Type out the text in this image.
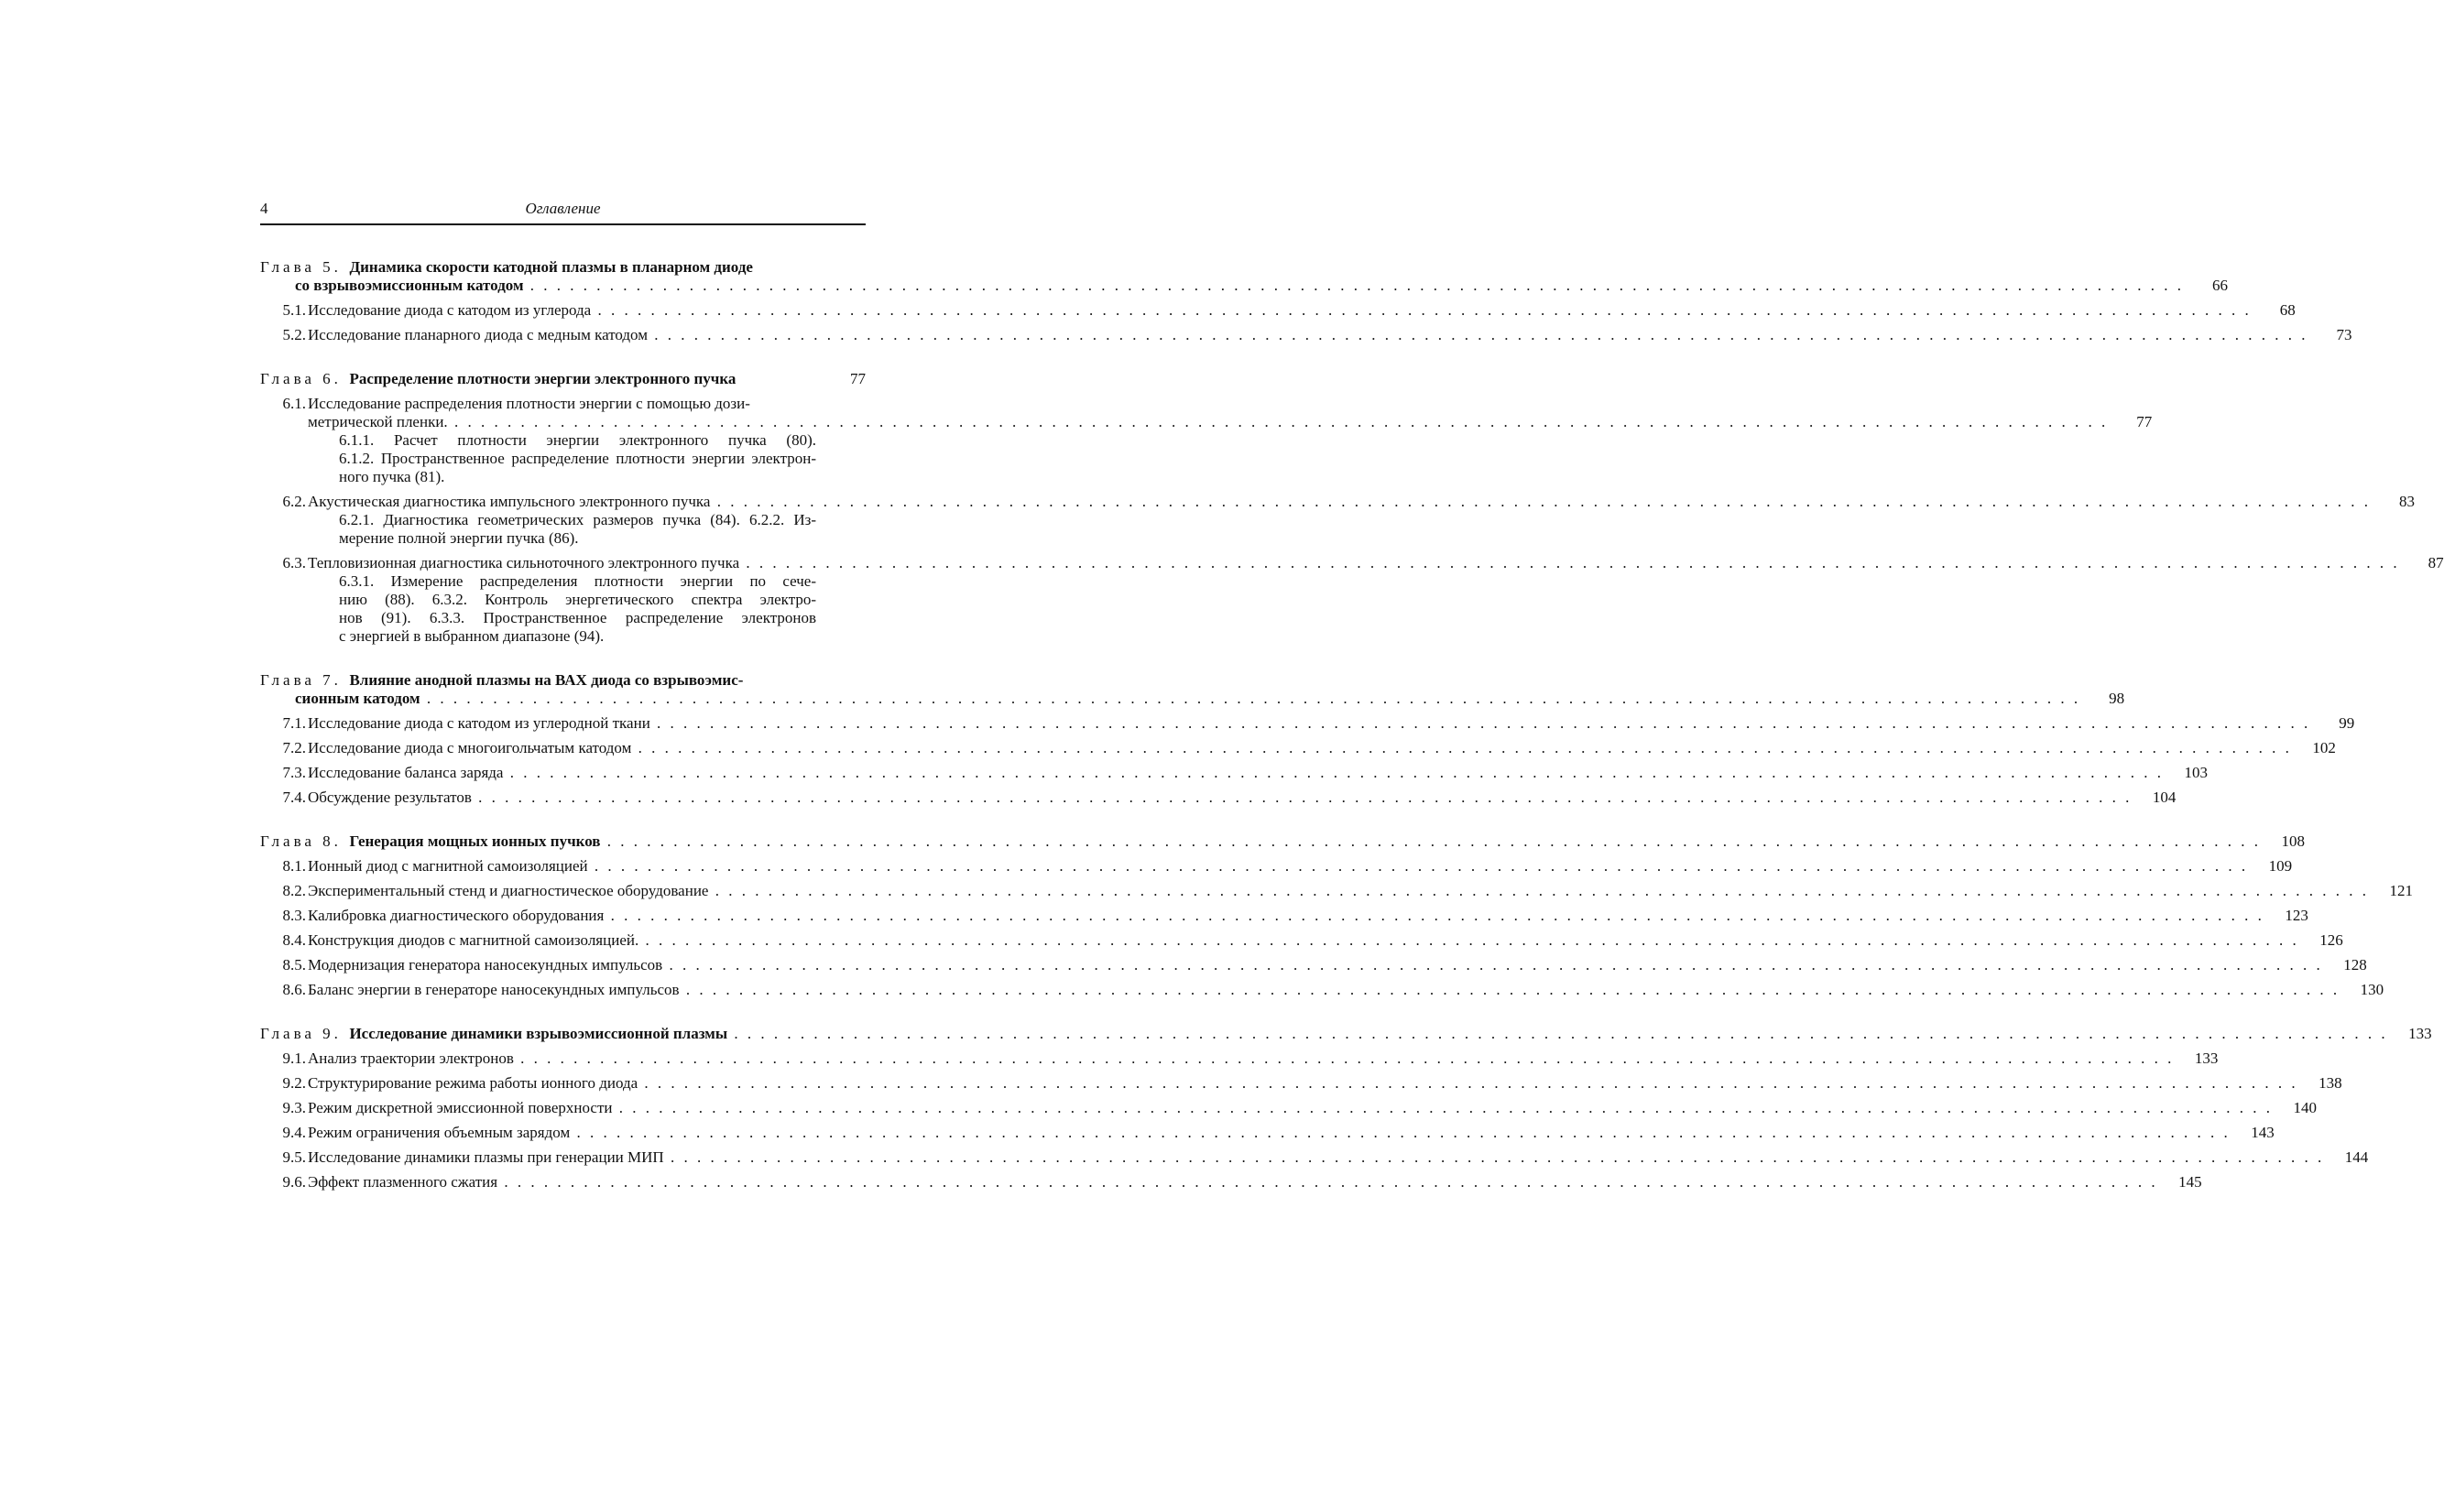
4	Оглавление
Глава 5. Динамика скорости катодной плазмы в планарном диоде
со взрывоэмиссионным катодом . . .	66
5.1. Исследование диода с катодом из углерода . . .	68
5.2. Исследование планарного диода с медным катодом . . .	73
Глава 6. Распределение плотности энергии электронного пучка	77
6.1. Исследование распределения плотности энергии с помощью дози-
метрической пленки. . . .	77
6.1.1. Расчет плотности энергии электронного пучка (80).
6.1.2. Пространственное распределение плотности энергии электрон-
ного пучка (81).
6.2. Акустическая диагностика импульсного электронного пучка . . .	83
6.2.1. Диагностика геометрических размеров пучка (84). 6.2.2. Из-
мерение полной энергии пучка (86).
6.3. Тепловизионная диагностика сильноточного электронного пучка . . .	87
6.3.1. Измерение распределения плотности энергии по сече-
нию (88). 6.3.2. Контроль энергетического спектра электро-
нов (91). 6.3.3. Пространственное распределение электронов
с энергией в выбранном диапазоне (94).
Глава 7. Влияние анодной плазмы на ВАХ диода со взрывоэмис-
сионным катодом . . .	98
7.1. Исследование диода с катодом из углеродной ткани . . .	99
7.2. Исследование диода с многоигольчатым катодом . . .	102
7.3. Исследование баланса заряда . . .	103
7.4. Обсуждение результатов . . .	104
Глава 8. Генерация мощных ионных пучков . . .	108
8.1. Ионный диод с магнитной самоизоляцией . . .	109
8.2. Экспериментальный стенд и диагностическое оборудование . . .	121
8.3. Калибровка диагностического оборудования . . .	123
8.4. Конструкция диодов с магнитной самоизоляцией. . . .	126
8.5. Модернизация генератора наносекундных импульсов . . .	128
8.6. Баланс энергии в генераторе наносекундных импульсов . . .	130
Глава 9. Исследование динамики взрывоэмиссионной плазмы . . .	133
9.1. Анализ траектории электронов . . .	133
9.2. Структурирование режима работы ионного диода . . .	138
9.3. Режим дискретной эмиссионной поверхности . . .	140
9.4. Режим ограничения объемным зарядом . . .	143
9.5. Исследование динамики плазмы при генерации МИП . . .	144
9.6. Эффект плазменного сжатия . . .	145
